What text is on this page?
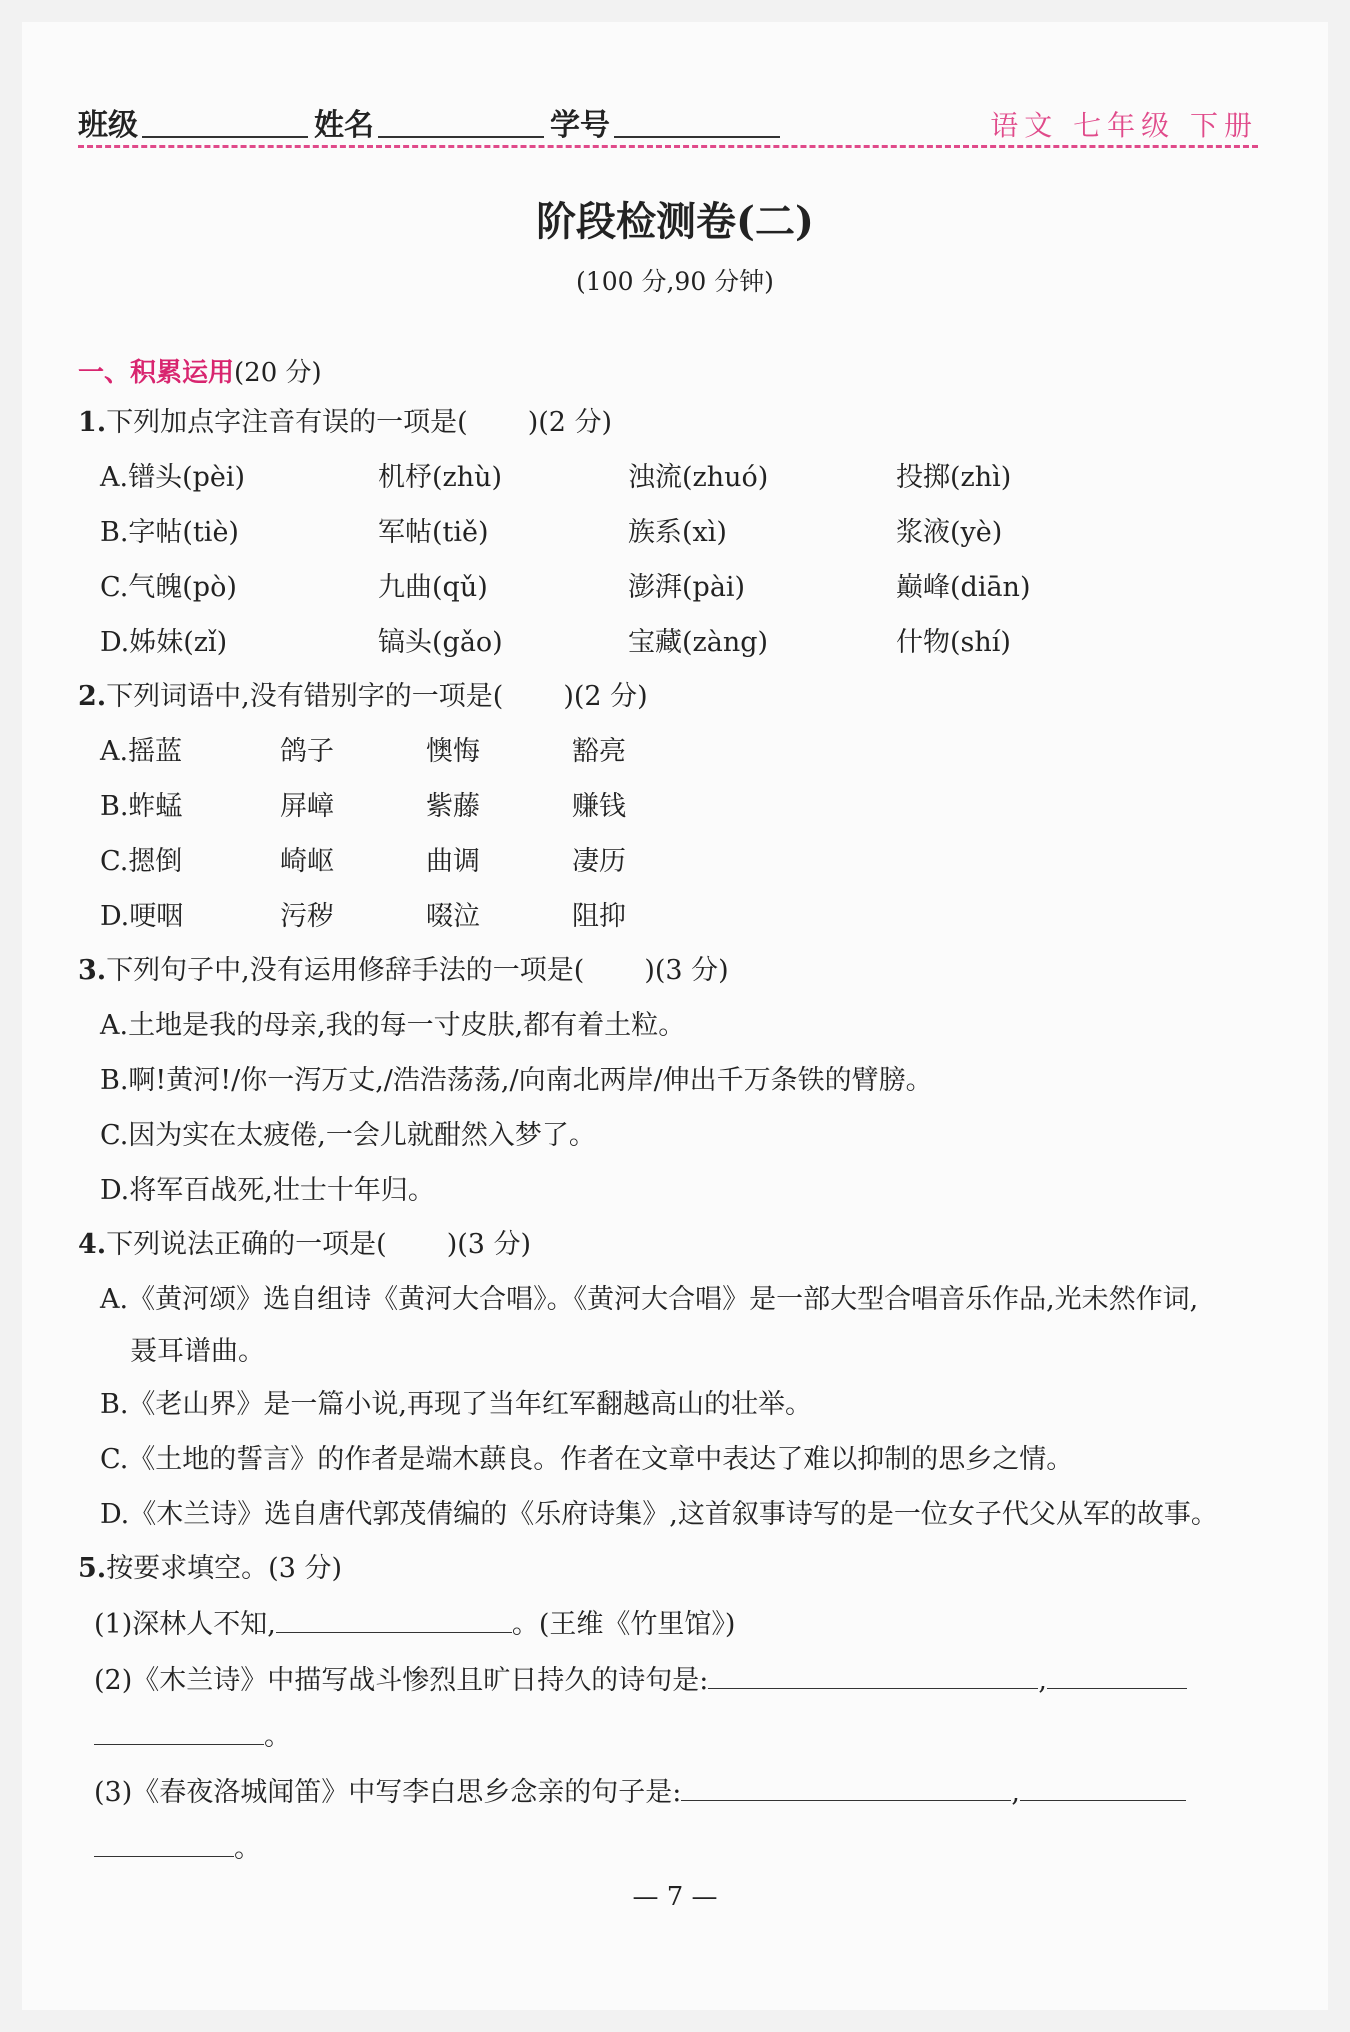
班级	姓名	学号	语文 七年级 下册
阶段检测卷(二)
(100 分,90 分钟)
一、积累运用(20 分)
1.下列加点字注音有误的一项是( )(2 分)
A.镨头(pèi)	机杼(zhù)	浊流(zhuó)	投掷(zhì)
B.字帖(tiè)	军帖(tiě)	族系(xì)	浆液(yè)
C.气魄(pò)	九曲(qǔ)	澎湃(pài)	巅峰(diān)
D.姊妹(zǐ)	镐头(gǎo)	宝藏(zàng)	什物(shí)
2.下列词语中,没有错别字的一项是( )(2 分)
A.摇蓝	鸽子	懊悔	豁亮
B.蚱蜢	屏嶂	紫藤	赚钱
C.摁倒	崎岖	曲调	凄历
D.哽咽	污秽	啜泣	阻抑
3.下列句子中,没有运用修辞手法的一项是( )(3 分)
A.土地是我的母亲,我的每一寸皮肤,都有着土粒。
B.啊!黄河!/你一泻万丈,/浩浩荡荡,/向南北两岸/伸出千万条铁的臂膀。
C.因为实在太疲倦,一会儿就酣然入梦了。
D.将军百战死,壮士十年归。
4.下列说法正确的一项是( )(3 分)
A.《黄河颂》选自组诗《黄河大合唱》。《黄河大合唱》是一部大型合唱音乐作品,光未然作词,
聂耳谱曲。
B.《老山界》是一篇小说,再现了当年红军翻越高山的壮举。
C.《土地的誓言》的作者是端木蕻良。作者在文章中表达了难以抑制的思乡之情。
D.《木兰诗》选自唐代郭茂倩编的《乐府诗集》,这首叙事诗写的是一位女子代父从军的故事。
5.按要求填空。(3 分)
(1)深林人不知,	。(王维《竹里馆》)
(2)《木兰诗》中描写战斗惨烈且旷日持久的诗句是:	,
。
(3)《春夜洛城闻笛》中写李白思乡念亲的句子是:	,
。
— 7 —
